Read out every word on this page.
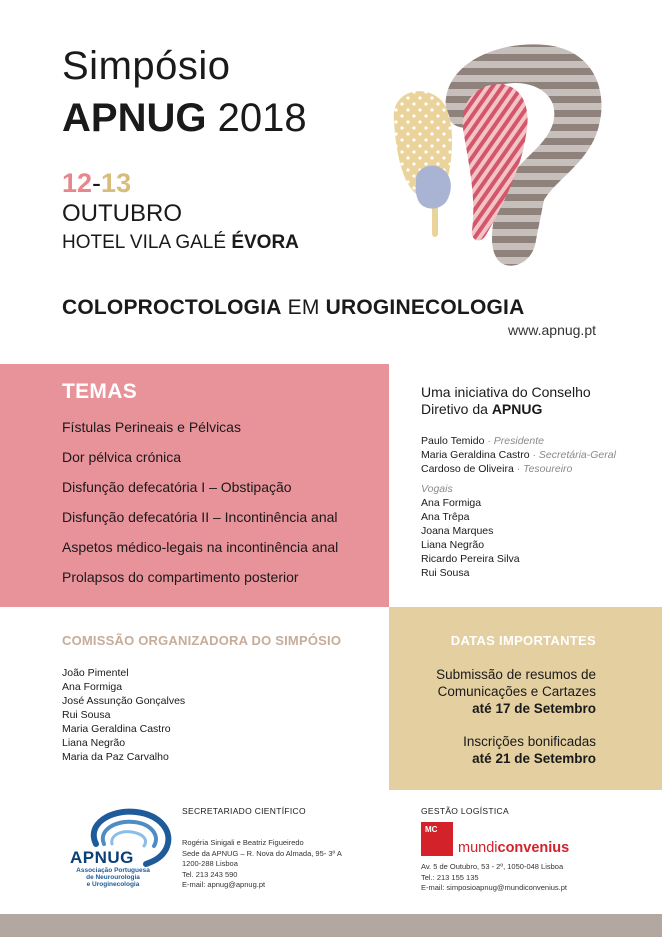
Simpósio
APNUG 2018
12-13
OUTUBRO
HOTEL VILA GALÉ ÉVORA
COLOPROCTOLOGIA EM UROGINECOLOGIA
www.apnug.pt
TEMAS
Fístulas Perineais e Pélvicas
Dor pélvica crónica
Disfunção defecatória I – Obstipação
Disfunção defecatória II – Incontinência anal
Aspetos médico-legais na incontinência anal
Prolapsos do compartimento posterior
Uma iniciativa do Conselho
Diretivo da APNUG
Paulo Temido · Presidente
Maria Geraldina Castro · Secretária-Geral
Cardoso de Oliveira · Tesoureiro
Vogais
Ana Formiga
Ana Trêpa
Joana Marques
Liana Negrão
Ricardo Pereira Silva
Rui Sousa
COMISSÃO ORGANIZADORA DO SIMPÓSIO
João Pimentel
Ana Formiga
José Assunção Gonçalves
Rui Sousa
Maria Geraldina Castro
Liana Negrão
Maria da Paz Carvalho
DATAS IMPORTANTES

Submissão de resumos de
Comunicações e Cartazes
até 17 de Setembro

Inscrições bonificadas
até 21 de Setembro

APNUG
Associação Portuguesa
de Neurourologia
e Uroginecologia
SECRETARIADO CIENTÍFICO
Rogéria Sinigali e Beatriz Figueiredo
Sede da APNUG – R. Nova do Almada, 95- 3º A
1200-288 Lisboa
Tel. 213 243 590
E-mail: apnug@apnug.pt
GESTÃO LOGÍSTICA
MC
mundiconvenius
Av. 5 de Outubro, 53 - 2º, 1050-048 Lisboa
Tel.: 213 155 135
E-mail: simposioapnug@mundiconvenius.pt
